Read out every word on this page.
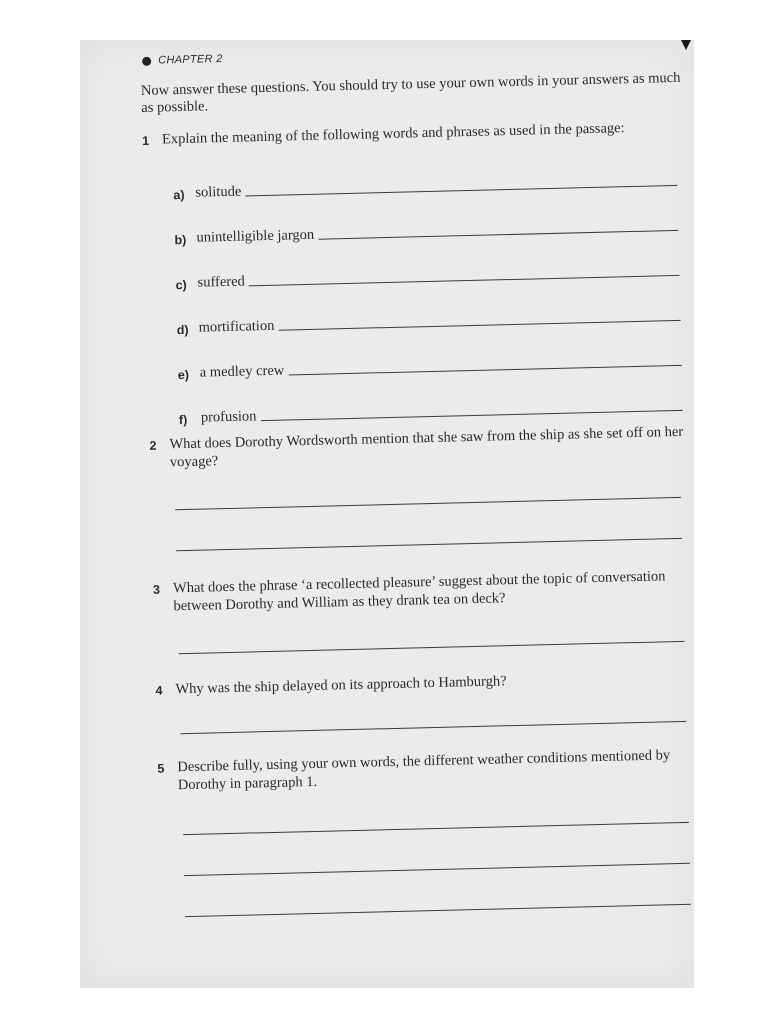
CHAPTER 2
Now answer these questions. You should try to use your own words in your answers as much as possible.
1 Explain the meaning of the following words and phrases as used in the passage:
a) solitude
b) unintelligible jargon
c) suffered
d) mortification
e) a medley crew
f) profusion
2 What does Dorothy Wordsworth mention that she saw from the ship as she set off on her voyage?
3 What does the phrase ‘a recollected pleasure’ suggest about the topic of conversation between Dorothy and William as they drank tea on deck?
4 Why was the ship delayed on its approach to Hamburgh?
5 Describe fully, using your own words, the different weather conditions mentioned by Dorothy in paragraph 1.
